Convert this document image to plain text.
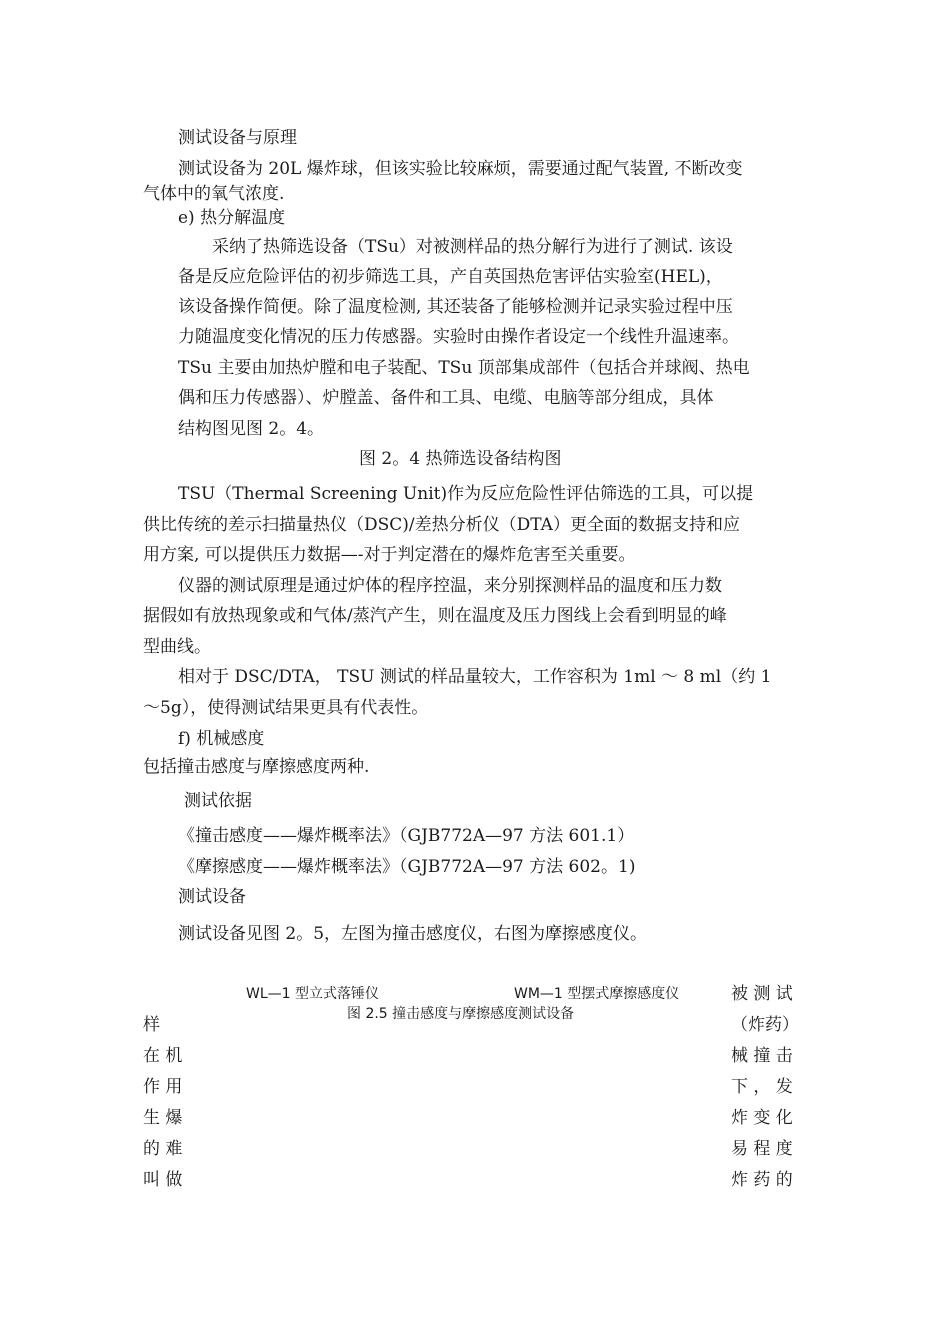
测试设备与原理
测试设备为 20L 爆炸球，但该实验比较麻烦，需要通过配气装置, 不断改变
气体中的氧气浓度.
e) 热分解温度
采纳了热筛选设备（TSu）对被测样品的热分解行为进行了测试. 该设
备是反应危险评估的初步筛选工具，产自英国热危害评估实验室(HEL)，
该设备操作简便。除了温度检测, 其还装备了能够检测并记录实验过程中压
力随温度变化情况的压力传感器。实验时由操作者设定一个线性升温速率。
TSu 主要由加热炉膛和电子装配、TSu 顶部集成部件（包括合并球阀、热电
偶和压力传感器）、炉膛盖、备件和工具、电缆、电脑等部分组成，具体
结构图见图 2。4。
图 2。4 热筛选设备结构图
TSU（Thermal Screening Unit)作为反应危险性评估筛选的工具，可以提
供比传统的差示扫描量热仪（DSC)/差热分析仪（DTA）更全面的数据支持和应
用方案, 可以提供压力数据—-对于判定潜在的爆炸危害至关重要。
仪器的测试原理是通过炉体的程序控温，来分别探测样品的温度和压力数
据假如有放热现象或和气体/蒸汽产生，则在温度及压力图线上会看到明显的峰
型曲线。
相对于 DSC/DTA， TSU 测试的样品量较大，工作容积为 1ml ～ 8 ml（约 1
～5g），使得测试结果更具有代表性。
f) 机械感度
包括撞击感度与摩擦感度两种.
测试依据
《撞击感度——爆炸概率法》（GJB772A—97 方法 601.1）
《摩擦感度——爆炸概率法》（GJB772A—97 方法 602。1)
测试设备
测试设备见图 2。5，左图为撞击感度仪，右图为摩擦感度仪。
WL—1 型立式落锤仪	WM—1 型摆式摩擦感度仪
图 2.5 撞击感度与摩擦感度测试设备
样
在 机
作 用
生 爆
的 难
叫 做
被 测 试
（炸药）
械 撞 击
下 ， 发
炸 变 化
易 程 度
炸 药 的
